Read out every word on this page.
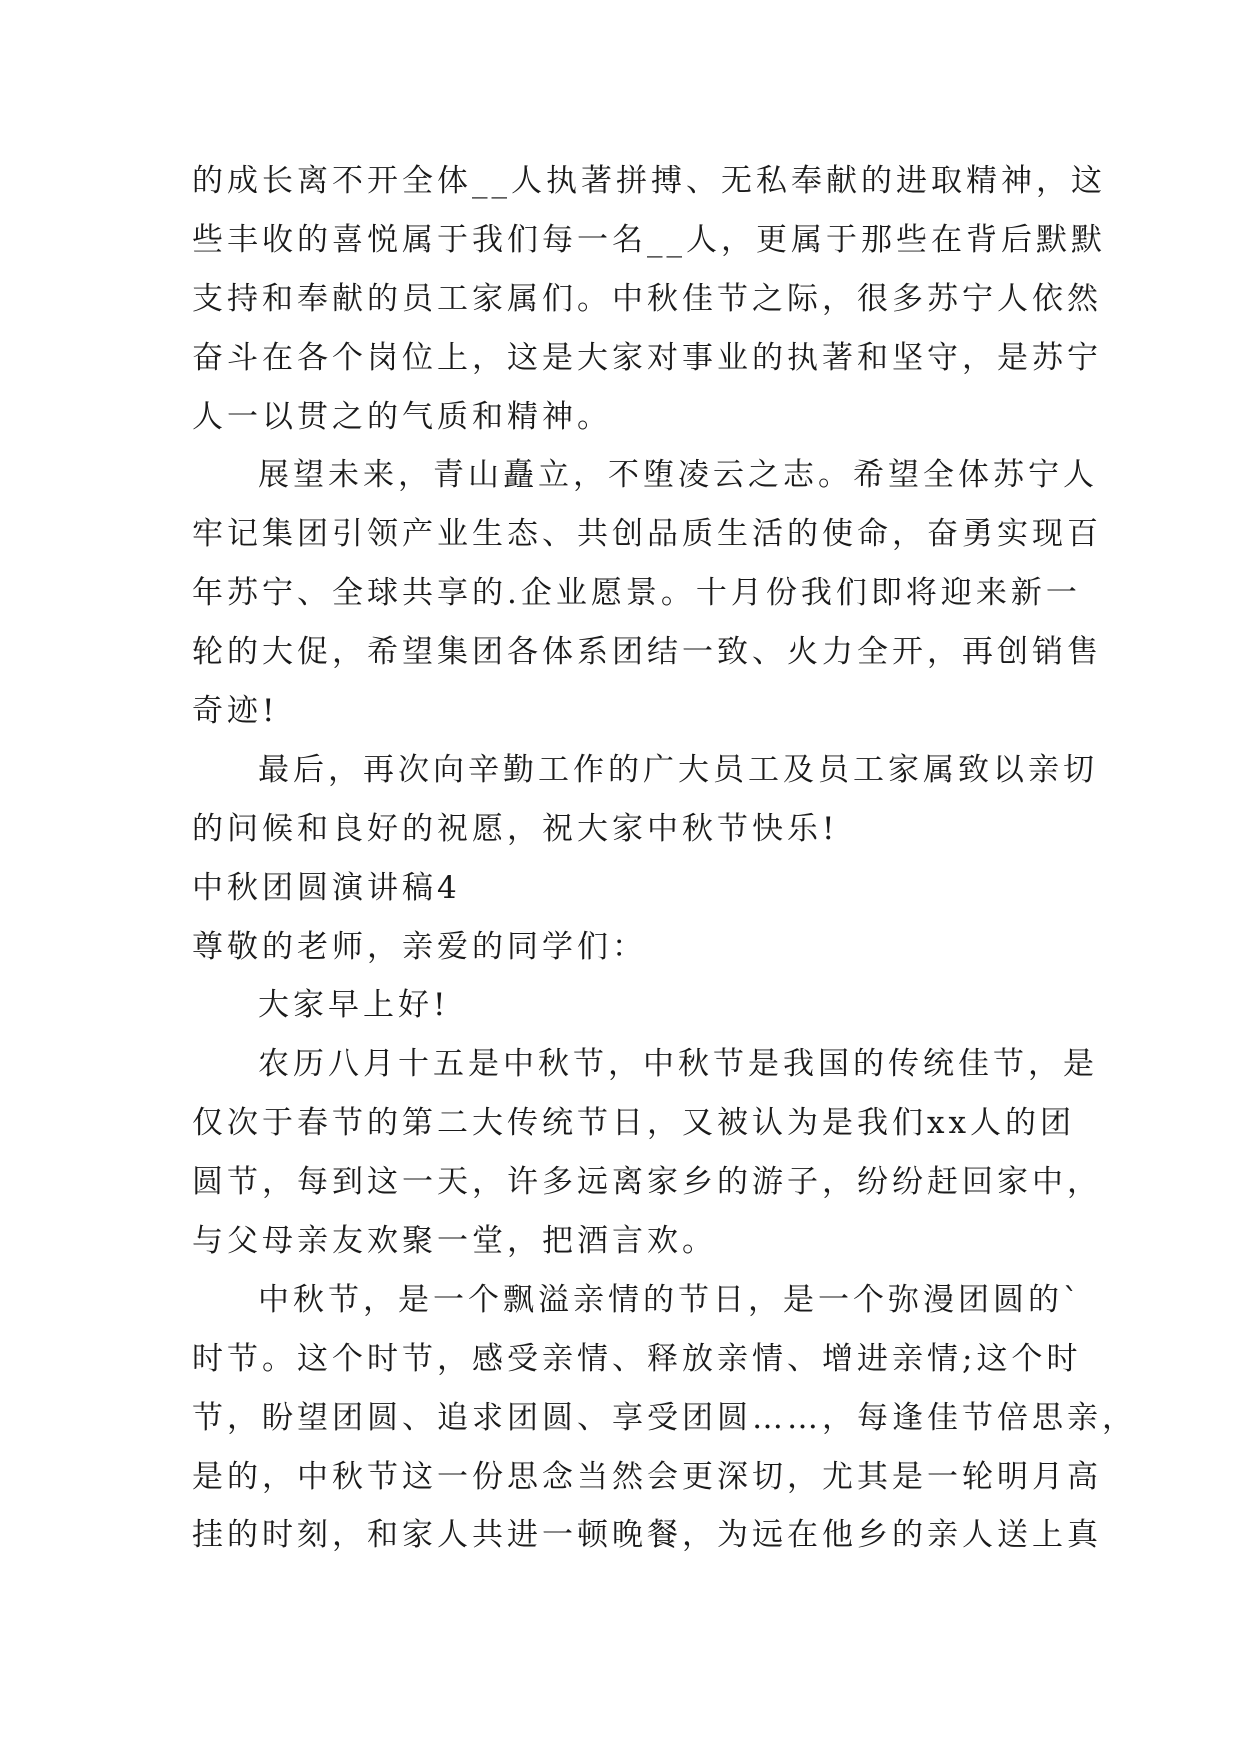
的成长离不开全体__人执著拼搏、无私奉献的进取精神，这
些丰收的喜悦属于我们每一名__人，更属于那些在背后默默
支持和奉献的员工家属们。中秋佳节之际，很多苏宁人依然
奋斗在各个岗位上，这是大家对事业的执著和坚守，是苏宁
人一以贯之的气质和精神。
展望未来，青山矗立，不堕凌云之志。希望全体苏宁人
牢记集团引领产业生态、共创品质生活的使命，奋勇实现百
年苏宁、全球共享的.企业愿景。十月份我们即将迎来新一
轮的大促，希望集团各体系团结一致、火力全开，再创销售
奇迹!
最后，再次向辛勤工作的广大员工及员工家属致以亲切
的问候和良好的祝愿，祝大家中秋节快乐!
中秋团圆演讲稿4
尊敬的老师，亲爱的同学们：
大家早上好!
农历八月十五是中秋节，中秋节是我国的传统佳节，是
仅次于春节的第二大传统节日，又被认为是我们xx人的团
圆节，每到这一天，许多远离家乡的游子，纷纷赶回家中，
与父母亲友欢聚一堂，把酒言欢。
中秋节，是一个飘溢亲情的节日，是一个弥漫团圆的`
时节。这个时节，感受亲情、释放亲情、增进亲情;这个时
节，盼望团圆、追求团圆、享受团圆……，每逢佳节倍思亲，
是的，中秋节这一份思念当然会更深切，尤其是一轮明月高
挂的时刻，和家人共进一顿晚餐，为远在他乡的亲人送上真
